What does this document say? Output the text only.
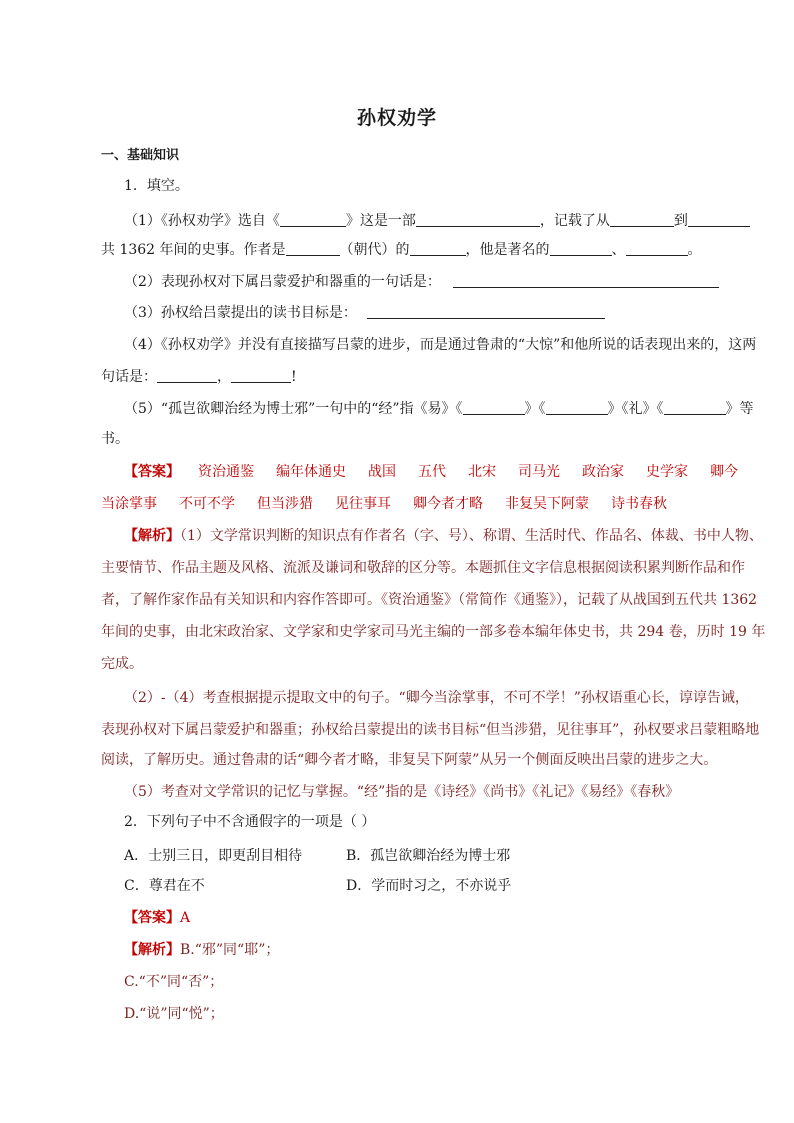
孙权劝学
一、基础知识
1．填空。
（1）《孙权劝学》选自《	》这是一部	，记载了从	到
共 1362 年间的史事。作者是	（朝代）的	，他是著名的	、	。
（2）表现孙权对下属吕蒙爱护和器重的一句话是：
（3）孙权给吕蒙提出的读书目标是：
（4）《孙权劝学》并没有直接描写吕蒙的进步，而是通过鲁肃的“大惊”和他所说的话表现出来的，这两
句话是：	，	!
（5）“孤岂欲卿治经为博士邪”一句中的“经”指《易》《	》《	》《礼》《	》等
书。
【答案】 资治通鉴 编年体通史 战国 五代 北宋 司马光 政治家 史学家 卿今
当涂掌事 不可不学 但当涉猎 见往事耳 卿今者才略 非复吴下阿蒙 诗书春秋
【解析】（1）文学常识判断的知识点有作者名（字、号）、称谓、生活时代、作品名、体裁、书中人物、
主要情节、作品主题及风格、流派及谦词和敬辞的区分等。本题抓住文字信息根据阅读积累判断作品和作
者，了解作家作品有关知识和内容作答即可。《资治通鉴》（常简作《通鉴》），记载了从战国到五代共 1362
年间的史事，由北宋政治家、文学家和史学家司马光主编的一部多卷本编年体史书，共 294 卷，历时 19 年
完成。
（2）-（4）考查根据提示提取文中的句子。“卿今当涂掌事，不可不学！”孙权语重心长，谆谆告诫，
表现孙权对下属吕蒙爱护和器重；孙权给吕蒙提出的读书目标“但当涉猎，见往事耳”，孙权要求吕蒙粗略地
阅读，了解历史。通过鲁肃的话“卿今者才略，非复吴下阿蒙”从另一个侧面反映出吕蒙的进步之大。
（5）考查对文学常识的记忆与掌握。“经”指的是《诗经》《尚书》《礼记》《易经》《春秋》
2．下列句子中不含通假字的一项是（ ）
A．士别三日，即更刮目相待	B．孤岂欲卿治经为博士邪
C．尊君在不	D．学而时习之，不亦说乎
【答案】A
【解析】B.“邪”同“耶”；
C.“不”同“否”；
D.“说”同“悦”；
